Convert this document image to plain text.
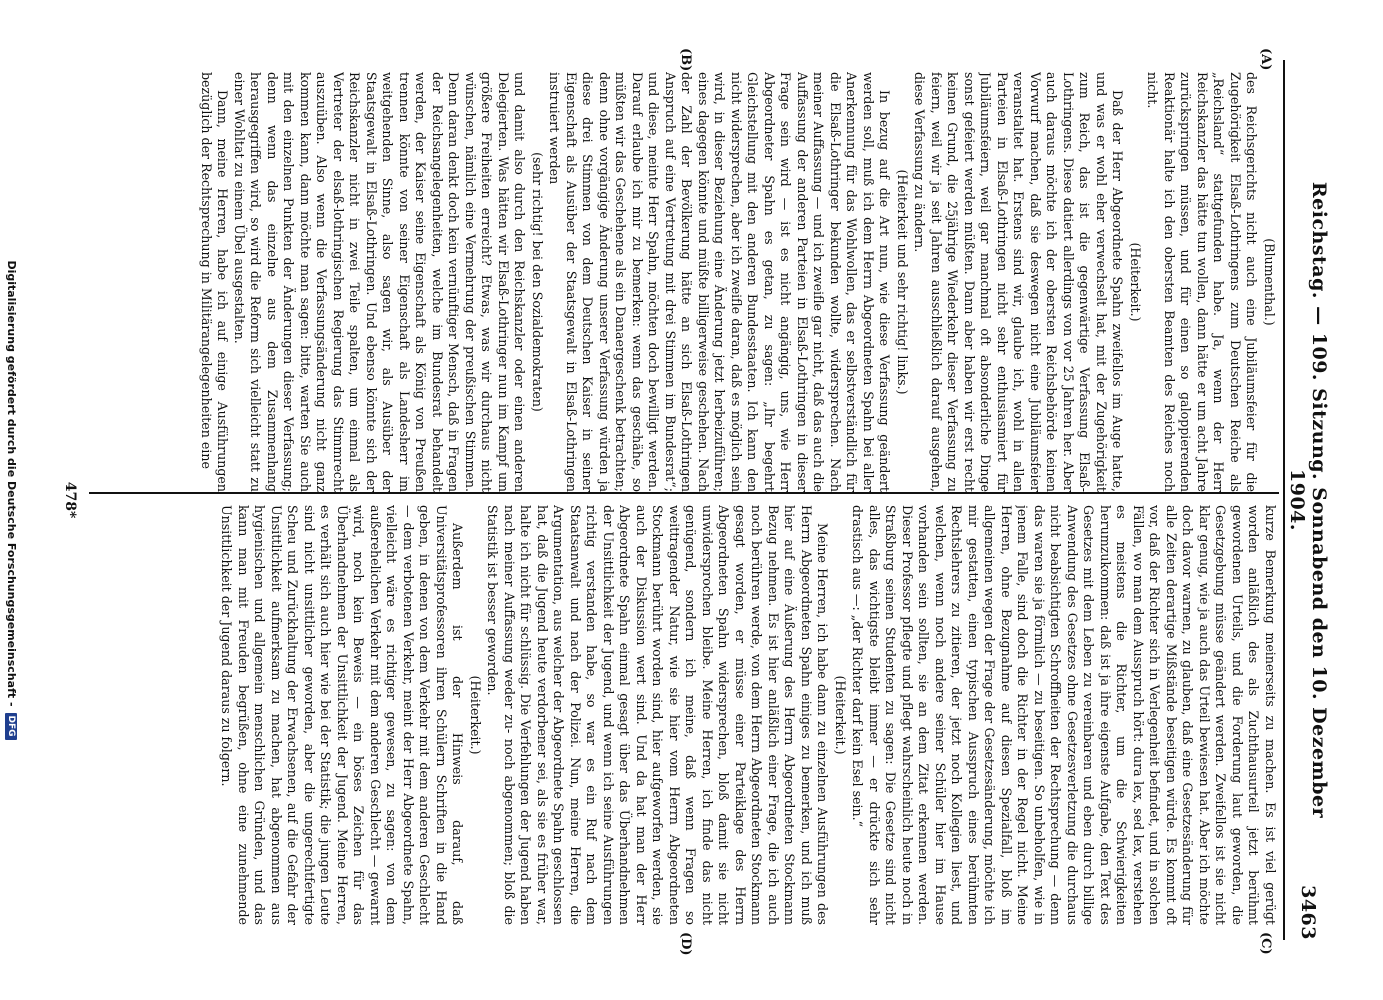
Reichstag. — 109. Sitzung. Sonnabend den 10. Dezember 1904.
3463
(A)
(B)
(C)
(D)

(Blumenthal.)

des Reichsgerichts nicht auch eine Jubiläumsfeier für die Zugehörigkeit Elsaß-Lothringens zum Deutschen Reiche als „Reichsland“ stattgefunden habe. Ja, wenn der Herr Reichskanzler das hätte tun wollen, dann hätte er um acht Jahre zurückspringen müssen, und für einen so galoppierenden Reaktionär halte ich den obersten Beamten des Reiches noch nicht.

(Heiterkeit.)

Daß der Herr Abgeordnete Spahn zweifellos im Auge hatte, und was er wohl eher verwechselt hat, mit der Zugehörigkeit zum Reich, das ist die gegenwärtige Verfassung Elsaß-Lothringens. Diese datiert allerdings von vor 25 Jahren her. Aber auch daraus möchte ich der obersten Reichsbehörde keinen Vorwurf machen, daß sie deswegen nicht eine Jubiläumsfeier veranstaltet hat. Erstens sind wir, glaube ich, wohl in allen Parteien in Elsaß-Lothringen nicht sehr enthusiasmiert für Jubiläumsfeiern, weil gar manchmal oft absonderliche Dinge sonst gefeiert werden müßten. Dann aber haben wir erst recht keinen Grund, die 25jährige Wiederkehr dieser Verfassung zu feiern, weil wir ja seit Jahren ausschließlich darauf ausgehen, diese Verfassung zu ändern.

(Heiterkeit und sehr richtig! links.)

In bezug auf die Art nun, wie diese Verfassung geändert werden soll, muß ich dem Herrn Abgeordneten Spahn bei aller Anerkennung für das Wohlwollen, das er selbstverständlich für die Elsaß-Lothringer bekunden wollte, widersprechen. Nach meiner Auffassung — und ich zweifle gar nicht, daß das auch die Auffassung der anderen Parteien in Elsaß-Lothringen in dieser Frage sein wird — ist es nicht angängig, uns, wie Herr Abgeordneter Spahn es getan, zu sagen: „Ihr begehrt Gleichstellung mit den anderen Bundesstaaten. Ich kann den nicht widersprechen, aber ich zweifle daran, daß es möglich sein wird, in dieser Beziehung eine Änderung jetzt herbeizuführen; eines dagegen könnte und müßte billigerweise geschehen. Nach der Zahl der Bevölkerung hätte an sich Elsaß-Lothringen Anspruch auf eine Vertretung mit drei Stimmen im Bundesrat“; und diese, meinte Herr Spahn, möchten doch bewilligt werden. Darauf erlaube ich mir zu bemerken: wenn das geschähe, so müßten wir das Geschehene als ein Danaergeschenk betrachten; denn ohne vorgängige Änderung unserer Verfassung würden ja diese drei Stimmen von dem Deutschen Kaiser in seiner Eigenschaft als Ausüber der Staatsgewalt in Elsaß-Lothringen instruiert werden

(sehr richtig! bei den Sozialdemokraten)

und damit also durch den Reichskanzler oder einen anderen Delegierten. Was hätten wir Elsaß-Lothringer nun im Kampf um größere Freiheiten erreicht? Etwas, was wir durchaus nicht wünschen, nämlich eine Vermehrung der preußischen Stimmen. Denn daran denkt doch kein vernünftiger Mensch, daß in Fragen der Reichsangelegenheiten, welche im Bundesrat behandelt werden, der Kaiser seine Eigenschaft als König von Preußen trennen könnte von seiner Eigenschaft als Landesherr im weitgehenden Sinne, also sagen wir, als Ausüber der Staatsgewalt in Elsaß-Lothringen. Und ebenso könnte sich der Reichskanzler nicht in zwei Teile spalten, um einmal als Vertreter der elsaß-lothringischen Regierung das Stimmrecht auszuüben. Also wenn die Verfassungsänderung nicht ganz kommen kann, dann möchte man sagen: bitte, warten Sie auch mit den einzelnen Punkten der Änderungen dieser Verfassung; denn wenn das einzelne aus dem Zusammenhang herausgegriffen wird, so wird die Reform sich vielleicht statt zu einer Wohltat zu einem Übel ausgestalten.

Dann, meine Herren, habe ich auf einige Ausführungen bezüglich der Rechtsprechung in Militärangelegenheiten eine

kurze Bemerkung meinerseits zu machen. Es ist viel gerügt worden anläßlich des als Zuchthausurteil jetzt berühmt gewordenen Urteils, und die Forderung laut geworden, die Gesetzgebung müsse geändert werden. Zweifellos ist sie nicht klar genug, wie ja auch das Urteil bewiesen hat. Aber ich möchte doch davor warnen, zu glauben, daß eine Gesetzesänderung für alle Zeiten derartige Mißstände beseitigen würde. Es kommt oft vor, daß der Richter sich in Verlegenheit befindet, und in solchen Fällen, wo man dem Ausspruch hört: dura lex, sed lex, verstehen es meistens die Richter, um die Schwierigkeiten herumzukommen: daß ist ja ihre eigenste Aufgabe, den Text des Gesetzes mit dem Leben zu vereinbaren und eben durch billige Anwendung des Gesetzes ohne Gesetzesverletzung die durchaus nicht beabsichtigten Schroffheiten der Rechtsprechung — denn das waren sie ja förmlich — zu beseitigen. So unbeholfen, wie in jenem Falle, sind doch die Richter in der Regel nicht. Meine Herren, ohne Bezugnahme auf diesen Spezialfall, bloß im allgemeinen wegen der Frage der Gesetzesänderung, möchte ich mir gestatten, einen typischen Ausspruch eines berühmten Rechtslehrers zu zitieren, der jetzt noch Kollegien liest, und welchen, wenn noch andere seiner Schüler hier im Hause vorhanden sein sollten, sie an dem Zitat erkennen werden. Dieser Professor pflegte und pflegt wahrscheinlich heute noch in Straßburg seinen Studenten zu sagen: Die Gesetze sind nicht alles, das wichtigste bleibt immer — er drückte sich sehr drastisch aus —: „der Richter darf kein Esel sein.“

(Heiterkeit.)

Meine Herren, ich habe dann zu einzelnen Ausführungen des Herrn Abgeordneten Spahn einiges zu bemerken, und ich muß hier auf eine Äußerung des Herrn Abgeordneten Stockmann Bezug nehmen. Es ist hier anläßlich einer Frage, die ich auch noch berühren werde, von dem Herrn Abgeordneten Stockmann gesagt worden, er müsse einer Parteiklage des Herrn Abgeordneten Spahn widersprechen, bloß damit sie nicht unwidersprochen bleibe. Meine Herren, ich finde das nicht genügend, sondern ich meine, daß wenn Fragen so weittragender Natur, wie sie hier vom Herrn Abgeordneten Stockmann berührt worden sind, hier aufgeworfen werden, sie auch der Diskussion wert sind. Und da hat man der Herr Abgeordnete Spahn einmal gesagt über das Überhandnehmen der Unsittlichkeit der Jugend, und wenn ich seine Ausführungen richtig verstanden habe, so war es ein Ruf nach dem Staatsanwalt und nach der Polizei. Nun, meine Herren, die Argumentation, aus welcher der Abgeordnete Spahn geschlossen hat, daß die Jugend heute verdorbener sei, als sie es früher war, halte ich nicht für schlüssig. Die Verfehlungen der Jugend haben nach meiner Auffassung weder zu- noch abgenommen; bloß die Statistik ist besser geworden.

(Heiterkeit.)

Außerdem ist der Hinweis darauf, daß Universitätsprofessoren ihren Schülern Schriften in die Hand geben, in denen von dem Verkehr mit dem anderen Geschlecht — dem verbotenen Verkehr, meint der Herr Abgeordnete Spahn, vielleicht wäre es richtiger gewesen, zu sagen: von dem außerehelichen Verkehr mit dem anderen Geschlecht — gewarnt wird, noch kein Beweis — ein böses Zeichen für das Überhandnehmen der Unsittlichkeit der Jugend. Meine Herren, es verhält sich auch hier wie bei der Statistik; die jungen Leute sind nicht unsittlicher geworden, aber die ungerechtfertigte Scheu und Zurückhaltung der Erwachsenen, auf die Gefahr der Unsittlichkeit aufmerksam zu machen, hat abgenommen aus hygienischen und allgemein menschlichen Gründen, und das kann man mit Freuden begrüßen, ohne eine zunehmende Unsittlichkeit der Jugend daraus zu folgern.

478*
Digitalisierung gefördert durch die Deutsche Forschungsgemeinschaft -
DFG
